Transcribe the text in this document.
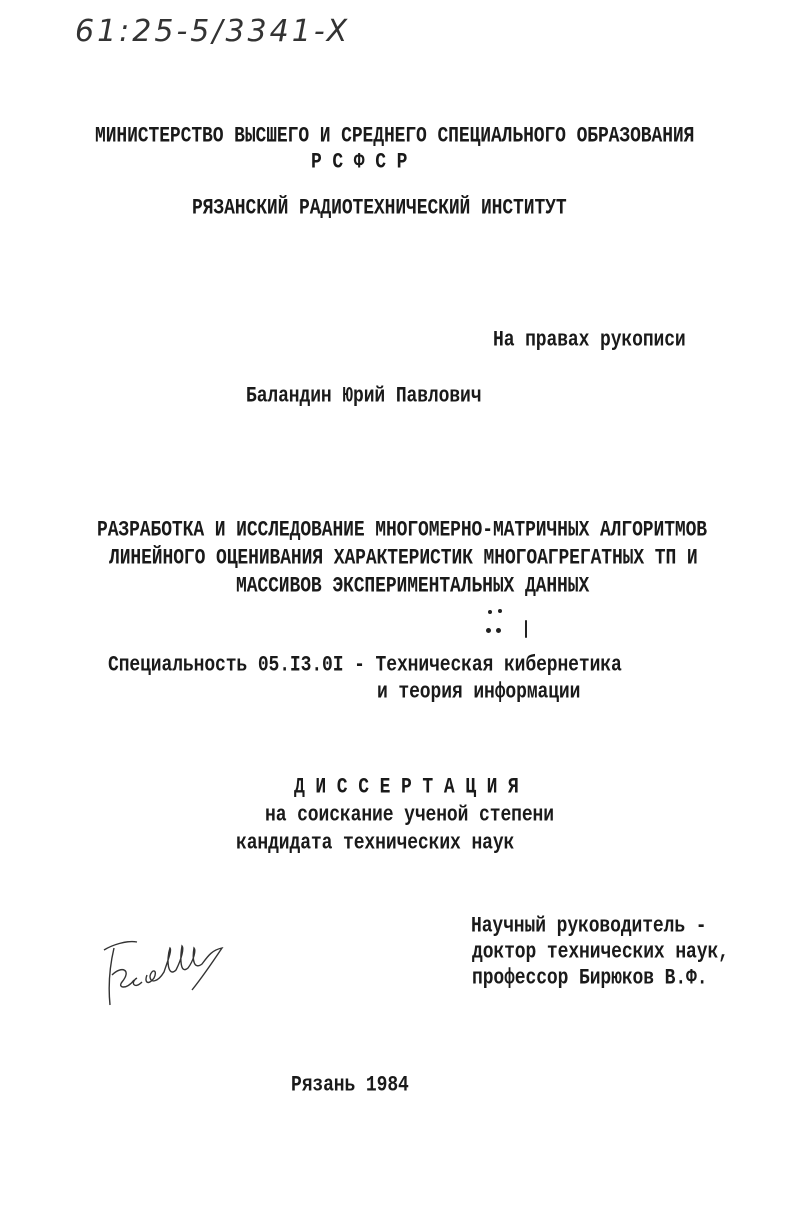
61:25-5/3341-X
МИНИСТЕРСТВО ВЫСШЕГО И СРЕДНЕГО СПЕЦИАЛЬНОГО ОБРАЗОВАНИЯ
Р С Ф С Р
РЯЗАНСКИЙ РАДИОТЕХНИЧЕСКИЙ ИНСТИТУТ
На правах рукописи
Баландин Юрий Павлович
РАЗРАБОТКА И ИССЛЕДОВАНИЕ МНОГОМЕРНО-МАТРИЧНЫХ АЛГОРИТМОВ
ЛИНЕЙНОГО ОЦЕНИВАНИЯ ХАРАКТЕРИСТИК МНОГОАГРЕГАТНЫХ ТП И
МАССИВОВ ЭКСПЕРИМЕНТАЛЬНЫХ ДАННЫХ
Специальность 05.I3.0I - Техническая кибернетика
и теория информации
Д И С С Е Р Т А Ц И Я
на соискание ученой степени
кандидата технических наук
Научный руководитель -
доктор технических наук,
профессор Бирюков В.Ф.
Рязань 1984
